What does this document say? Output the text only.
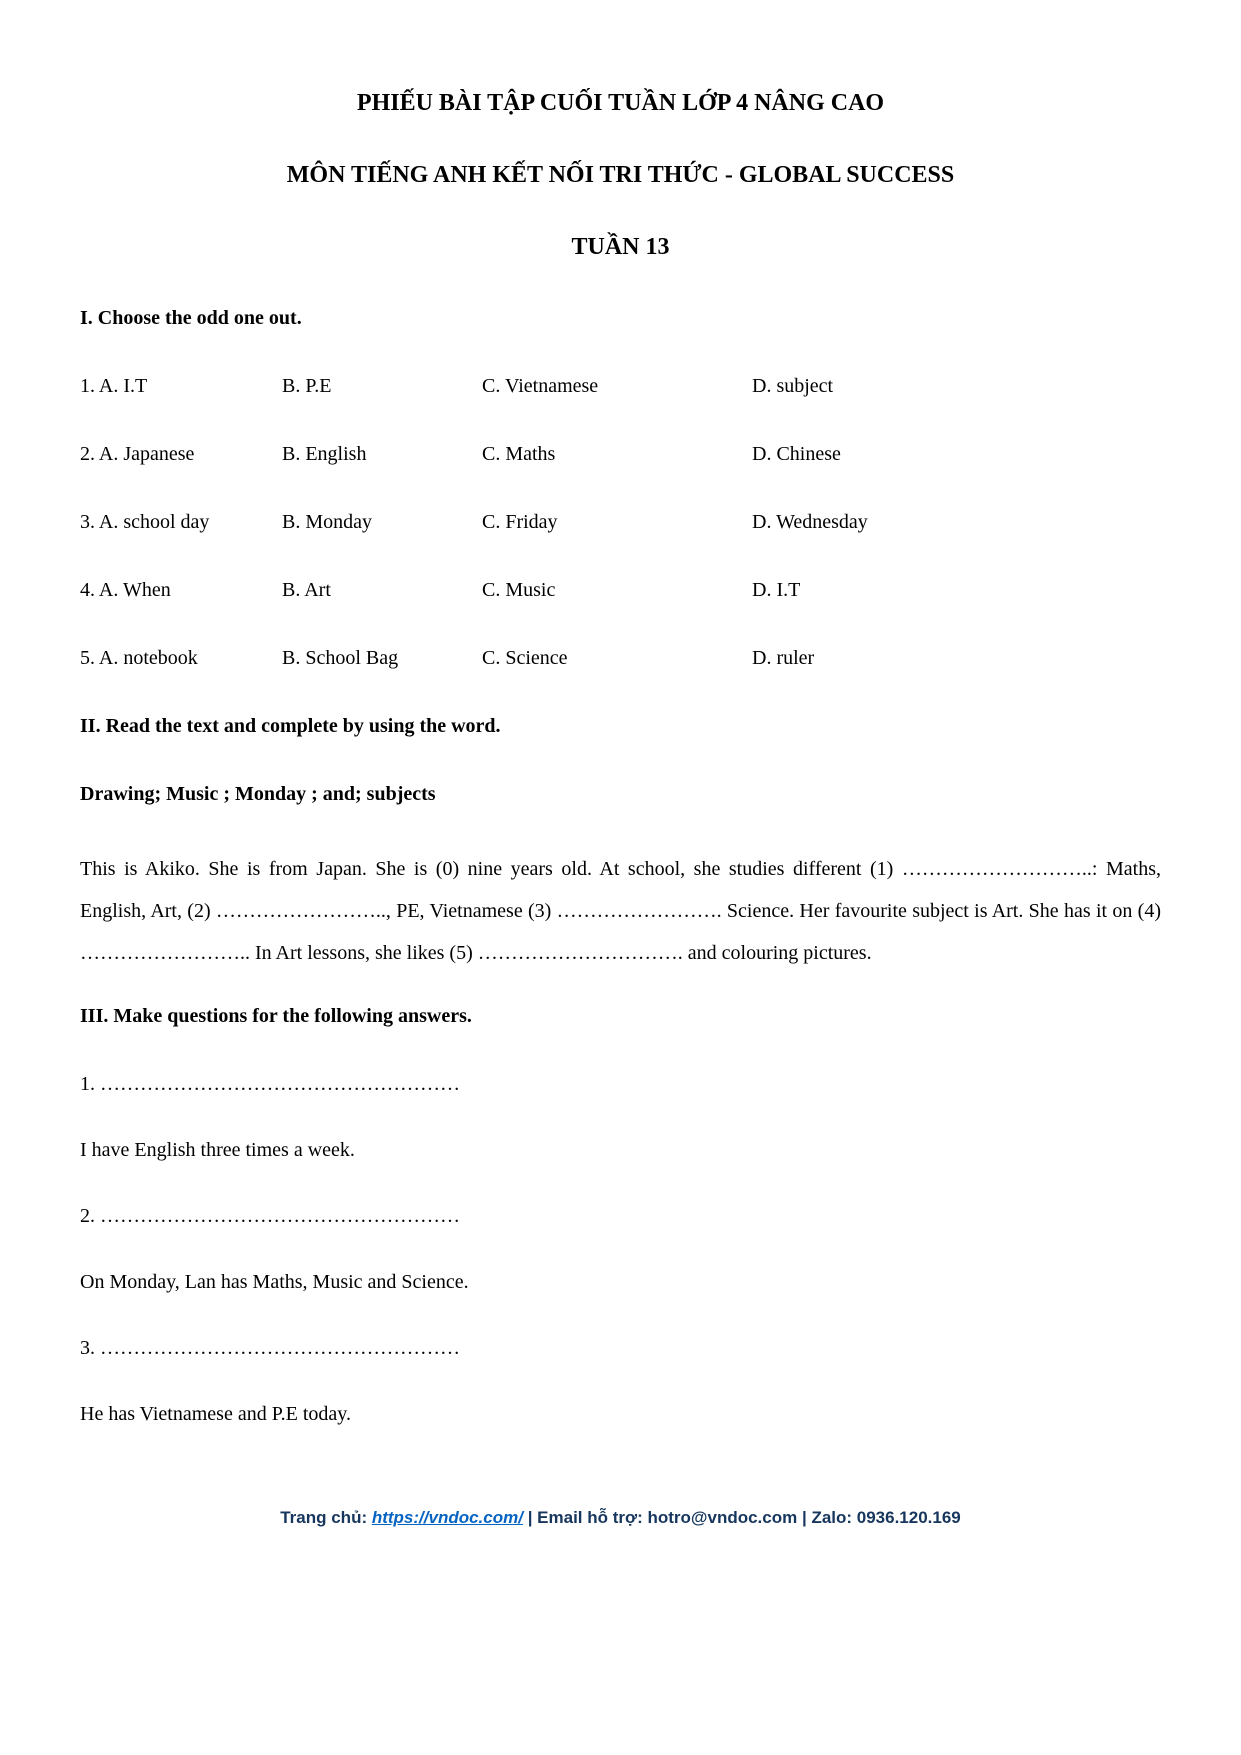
PHIẾU BÀI TẬP CUỐI TUẦN LỚP 4 NÂNG CAO
MÔN TIẾNG ANH KẾT NỐI TRI THỨC - GLOBAL SUCCESS
TUẦN 13
I. Choose the odd one out.
1. A. I.T	B. P.E	C. Vietnamese	D. subject
2. A. Japanese	B. English	C. Maths	D. Chinese
3. A. school day	B. Monday	C. Friday	D. Wednesday
4. A. When	B. Art	C. Music	D. I.T
5. A. notebook	B. School Bag	C. Science	D. ruler
II. Read the text and complete by using the word.
Drawing; Music ; Monday ; and; subjects

This is Akiko. She is from Japan. She is (0) nine years old. At school, she studies different (1) ………………………..: Maths, English, Art, (2) …………………….., PE, Vietnamese (3) ……………………. Science. Her favourite subject is Art. She has it on (4) …………………….. In Art lessons, she likes (5) …………………………. and colouring pictures.

III. Make questions for the following answers.
1. ………………………………………………
I have English three times a week.
2. ………………………………………………
On Monday, Lan has Maths, Music and Science.
3. ………………………………………………
He has Vietnamese and P.E today.
Trang chủ: https://vndoc.com/ | Email hỗ trợ: hotro@vndoc.com | Zalo: 0936.120.169
